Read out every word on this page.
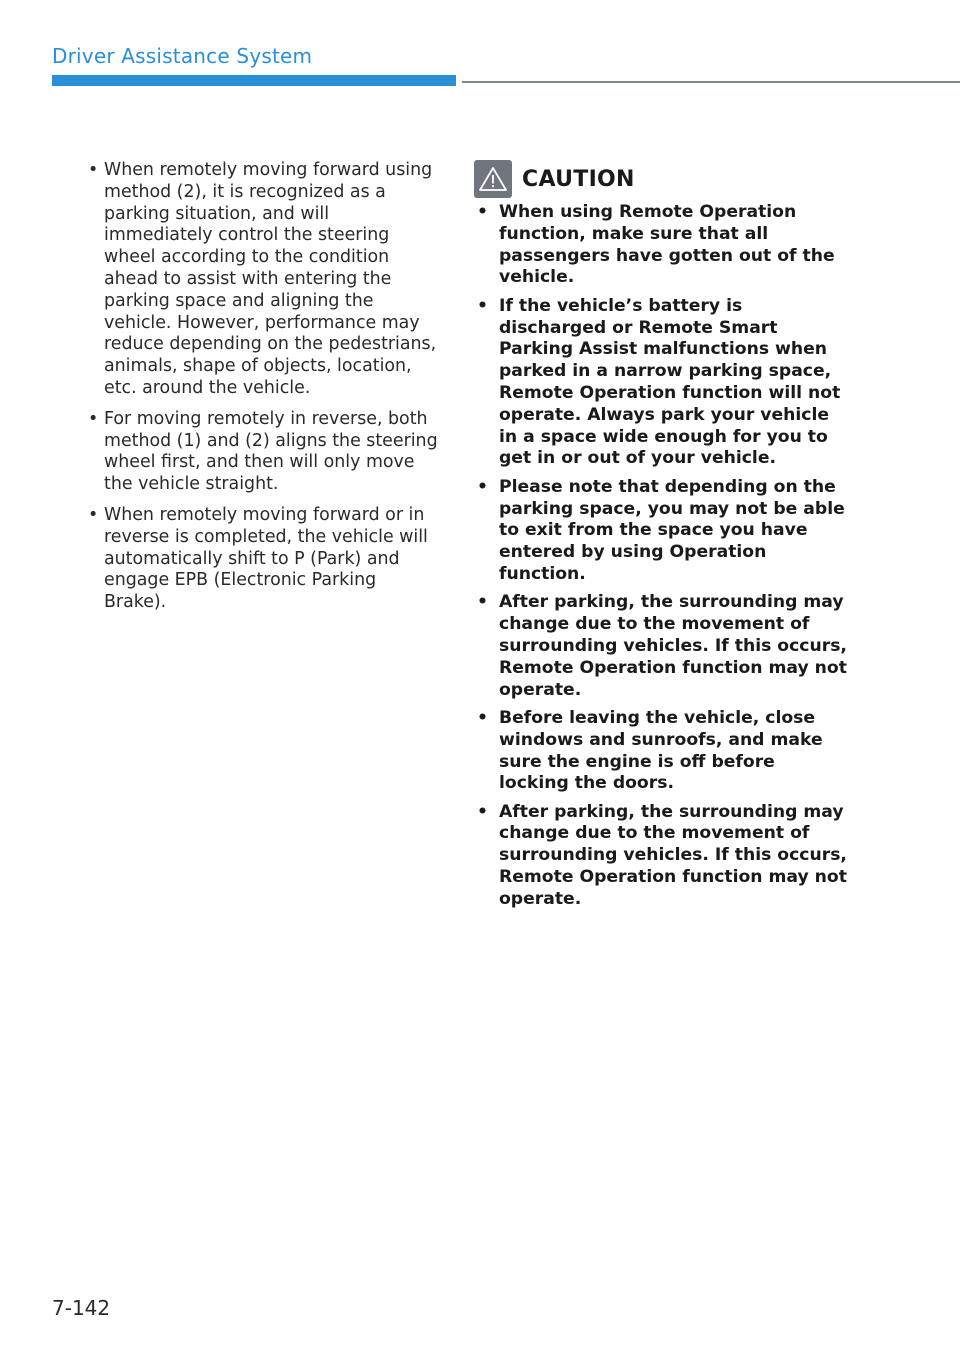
Driver Assistance System
• When remotely moving forward using method (2), it is recognized as a parking situation, and will immediately control the steering wheel according to the condition ahead to assist with entering the parking space and aligning the vehicle. However, performance may reduce depending on the pedestrians, animals, shape of objects, location, etc. around the vehicle.
• For moving remotely in reverse, both method (1) and (2) aligns the steering wheel first, and then will only move the vehicle straight.
• When remotely moving forward or in reverse is completed, the vehicle will automatically shift to P (Park) and engage EPB (Electronic Parking Brake).
CAUTION
• When using Remote Operation function, make sure that all passengers have gotten out of the vehicle.
• If the vehicle’s battery is discharged or Remote Smart Parking Assist malfunctions when parked in a narrow parking space, Remote Operation function will not operate. Always park your vehicle in a space wide enough for you to get in or out of your vehicle.
• Please note that depending on the parking space, you may not be able to exit from the space you have entered by using Operation function.
• After parking, the surrounding may change due to the movement of surrounding vehicles. If this occurs, Remote Operation function may not operate.
• Before leaving the vehicle, close windows and sunroofs, and make sure the engine is off before locking the doors.
• After parking, the surrounding may change due to the movement of surrounding vehicles. If this occurs, Remote Operation function may not operate.
7-142
